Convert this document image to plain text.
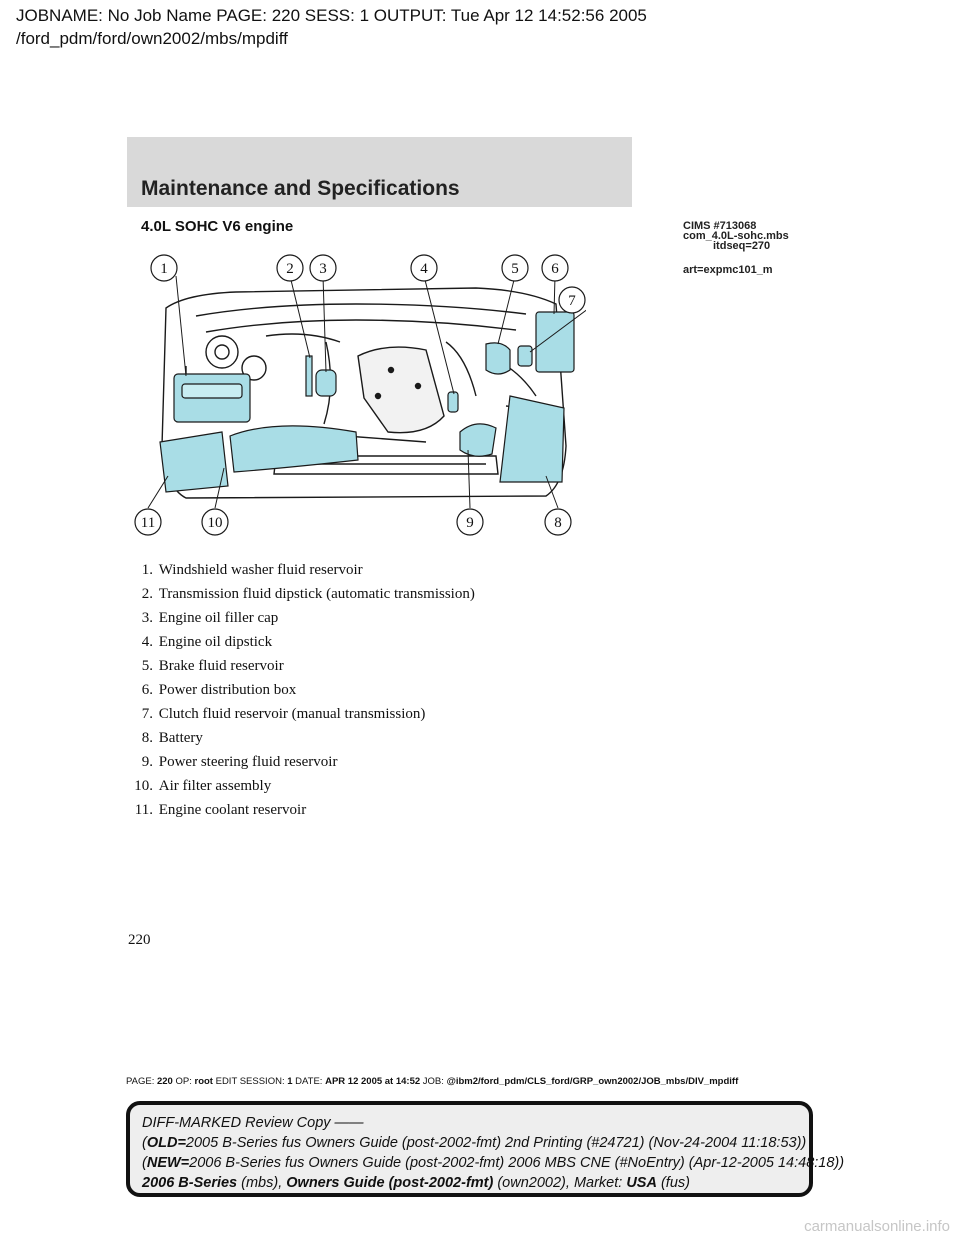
JOBNAME: No Job Name PAGE: 220 SESS: 1 OUTPUT: Tue Apr 12 14:52:56 2005
/ford_pdm/ford/own2002/mbs/mpdiff
Maintenance and Specifications
4.0L SOHC V6 engine	CIMS #713068
com_4.0L-sohc.mbs
itdseq=270
art=expmc101_m
1	2 3	4	5 6
7
8
9
10
11
1. Windshield washer fluid reservoir
2. Transmission fluid dipstick (automatic transmission)
3. Engine oil filler cap
4. Engine oil dipstick
5. Brake fluid reservoir
6. Power distribution box
7. Clutch fluid reservoir (manual transmission)
8. Battery
9. Power steering fluid reservoir
10. Air filter assembly
11. Engine coolant reservoir
220
PAGE: 220 OP: root EDIT SESSION: 1 DATE: APR 12 2005 at 14:52 JOB: @ibm2/ford_pdm/CLS_ford/GRP_own2002/JOB_mbs/DIV_mpdiff
DIFF-MARKED Review Copy ——
(OLD=2005 B-Series fus Owners Guide (post-2002-fmt) 2nd Printing (#24721) (Nov-24-2004 11:18:53))
(NEW=2006 B-Series fus Owners Guide (post-2002-fmt) 2006 MBS CNE (#NoEntry) (Apr-12-2005 14:48:18))
2006 B-Series (mbs), Owners Guide (post-2002-fmt) (own2002), Market: USA (fus)
carmanualsonline.info
